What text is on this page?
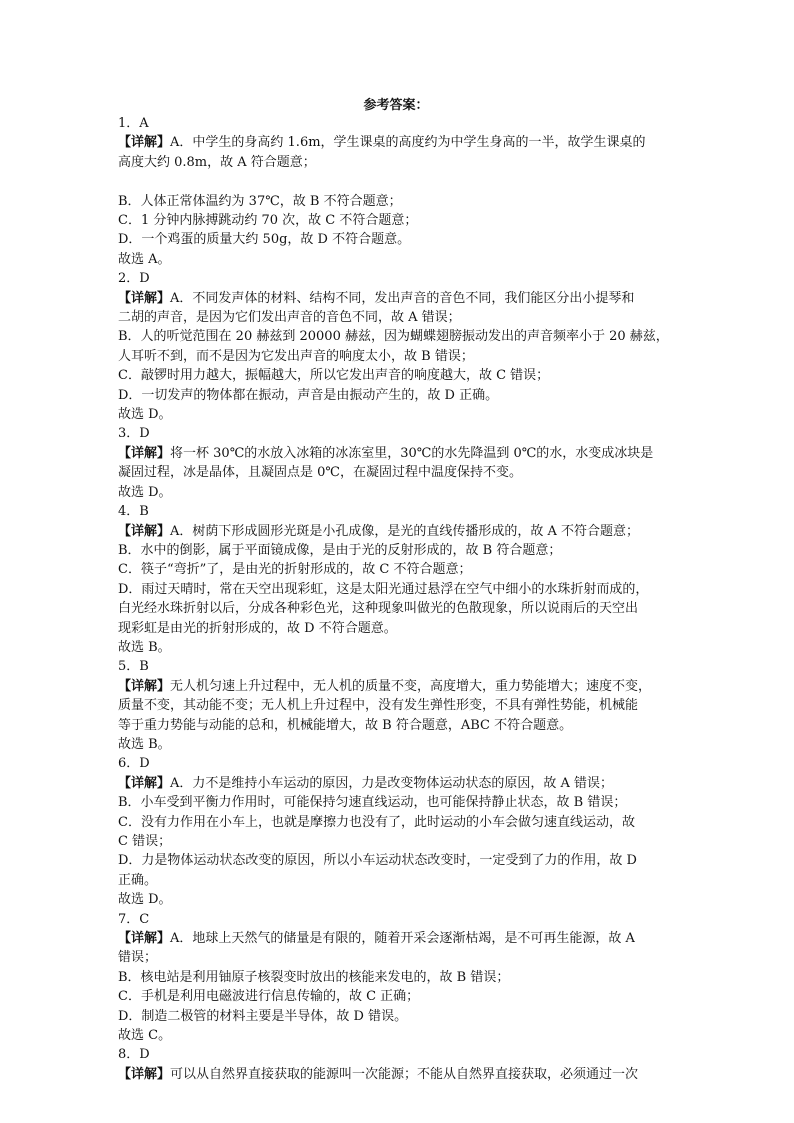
参考答案：
1．A
【详解】A．中学生的身高约 1.6m，学生课桌的高度约为中学生身高的一半，故学生课桌的
高度大约 0.8m，故 A 符合题意；
B．人体正常体温约为 37℃，故 B 不符合题意；
C．1 分钟内脉搏跳动约 70 次，故 C 不符合题意；
D．一个鸡蛋的质量大约 50g，故 D 不符合题意。
故选 A。
2．D
【详解】A．不同发声体的材料、结构不同，发出声音的音色不同，我们能区分出小提琴和
二胡的声音，是因为它们发出声音的音色不同，故 A 错误；
B．人的听觉范围在 20 赫兹到 20000 赫兹，因为蝴蝶翅膀振动发出的声音频率小于 20 赫兹，
人耳听不到，而不是因为它发出声音的响度太小，故 B 错误；
C．敲锣时用力越大，振幅越大，所以它发出声音的响度越大，故 C 错误；
D．一切发声的物体都在振动，声音是由振动产生的，故 D 正确。
故选 D。
3．D
【详解】将一杯 30℃的水放入冰箱的冰冻室里，30℃的水先降温到 0℃的水，水变成冰块是
凝固过程，冰是晶体，且凝固点是 0℃，在凝固过程中温度保持不变。
故选 D。
4．B
【详解】A．树荫下形成圆形光斑是小孔成像，是光的直线传播形成的，故 A 不符合题意；
B．水中的倒影，属于平面镜成像，是由于光的反射形成的，故 B 符合题意；
C．筷子“弯折”了，是由光的折射形成的，故 C 不符合题意；
D．雨过天晴时，常在天空出现彩虹，这是太阳光通过悬浮在空气中细小的水珠折射而成的，
白光经水珠折射以后，分成各种彩色光，这种现象叫做光的色散现象，所以说雨后的天空出
现彩虹是由光的折射形成的，故 D 不符合题意。
故选 B。
5．B
【详解】无人机匀速上升过程中，无人机的质量不变，高度增大，重力势能增大；速度不变，
质量不变，其动能不变；无人机上升过程中，没有发生弹性形变，不具有弹性势能，机械能
等于重力势能与动能的总和，机械能增大，故 B 符合题意，ABC 不符合题意。
故选 B。
6．D
【详解】A．力不是维持小车运动的原因，力是改变物体运动状态的原因，故 A 错误；
B．小车受到平衡力作用时，可能保持匀速直线运动，也可能保持静止状态，故 B 错误；
C．没有力作用在小车上，也就是摩擦力也没有了，此时运动的小车会做匀速直线运动，故
C 错误；
D．力是物体运动状态改变的原因，所以小车运动状态改变时，一定受到了力的作用，故 D
正确。
故选 D。
7．C
【详解】A．地球上天然气的储量是有限的，随着开采会逐渐枯竭，是不可再生能源，故 A
错误；
B．核电站是利用铀原子核裂变时放出的核能来发电的，故 B 错误；
C．手机是利用电磁波进行信息传输的，故 C 正确；
D．制造二极管的材料主要是半导体，故 D 错误。
故选 C。
8．D
【详解】可以从自然界直接获取的能源叫一次能源；不能从自然界直接获取，必须通过一次
